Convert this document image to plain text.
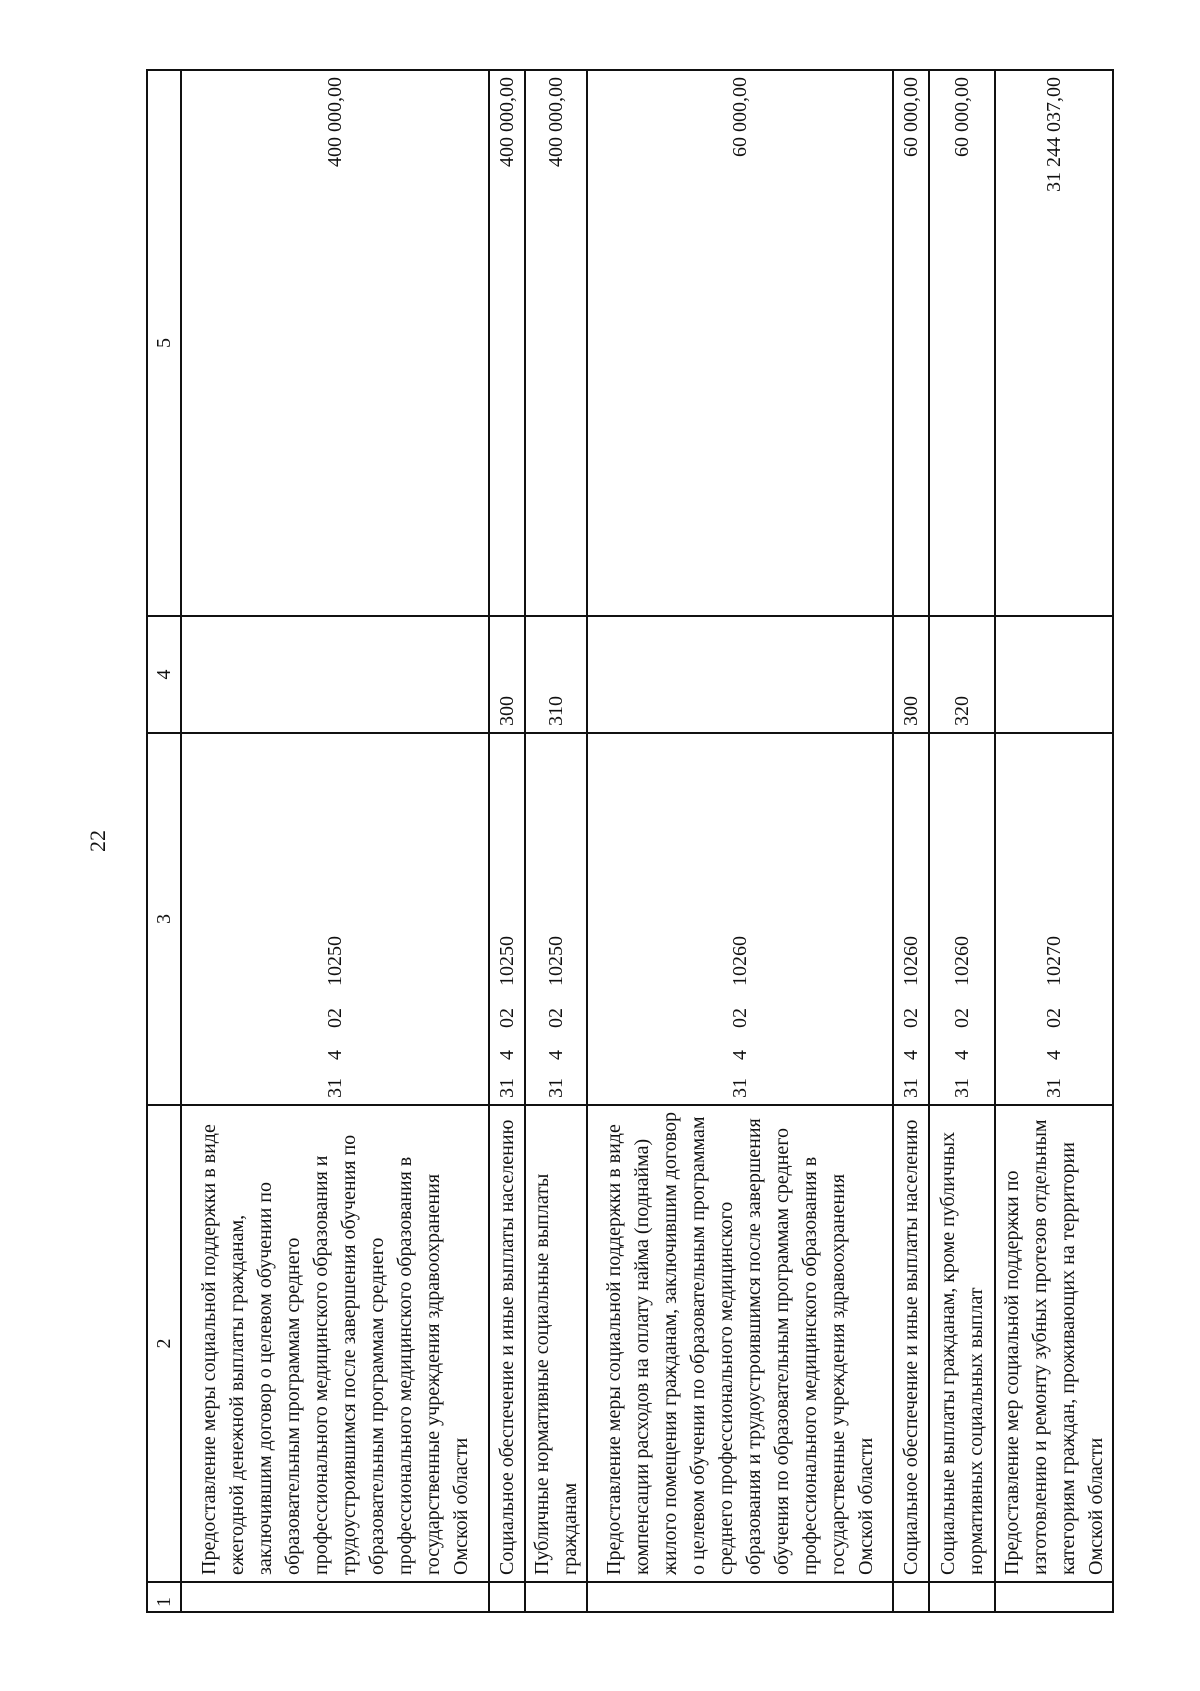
22
1	2	3	4	5
	Предоставление меры социальной поддержки в виде ежегодной денежной выплаты гражданам, заключившим договор о целевом обучении по образовательным программам среднего профессионального медицинского образования и трудоустроившимся после завершения обучения по образовательным программам среднего профессионального медицинского образования в государственные учреждения здравоохранения Омской области	3140210250		400 000,00
	Социальное обеспечение и иные выплаты населению	3140210250	300	400 000,00
	Публичные нормативные социальные выплаты гражданам	3140210250	310	400 000,00
	Предоставление меры социальной поддержки в виде компенсации расходов на оплату найма (поднайма) жилого помещения гражданам, заключившим договор о целевом обучении по образовательным программам среднего профессионального медицинского образования и трудоустроившимся после завершения обучения по образовательным программам среднего профессионального медицинского образования в государственные учреждения здравоохранения Омской области	3140210260		60 000,00
	Социальное обеспечение и иные выплаты населению	3140210260	300	60 000,00
	Социальные выплаты гражданам, кроме публичных нормативных социальных выплат	3140210260	320	60 000,00
	Предоставление мер социальной поддержки по изготовлению и ремонту зубных протезов отдельным категориям граждан, проживающих на территории Омской области	3140210270		31 244 037,00
